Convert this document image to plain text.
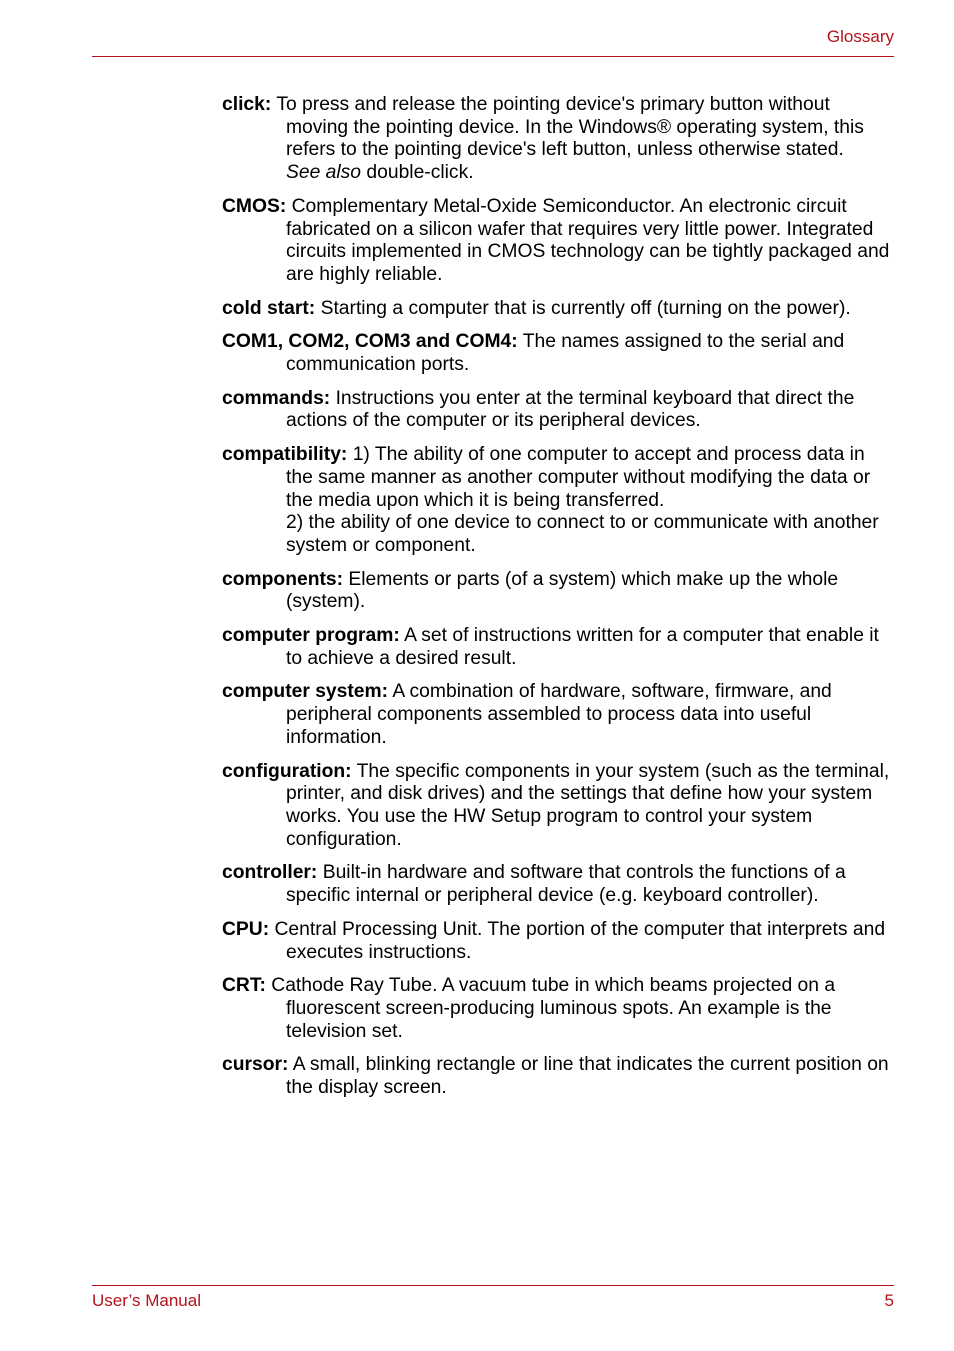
Glossary

click: To press and release the pointing device's primary button without moving the pointing device. In the Windows® operating system, this refers to the pointing device's left button, unless otherwise stated.
See also double-click.

CMOS: Complementary Metal-Oxide Semiconductor. An electronic circuit fabricated on a silicon wafer that requires very little power. Integrated circuits implemented in CMOS technology can be tightly packaged and are highly reliable.

cold start: Starting a computer that is currently off (turning on the power).

COM1, COM2, COM3 and COM4: The names assigned to the serial and communication ports.

commands: Instructions you enter at the terminal keyboard that direct the actions of the computer or its peripheral devices.

compatibility: 1) The ability of one computer to accept and process data in the same manner as another computer without modifying the data or the media upon which it is being transferred.
2) the ability of one device to connect to or communicate with another system or component.

components: Elements or parts (of a system) which make up the whole (system).

computer program: A set of instructions written for a computer that enable it to achieve a desired result.

computer system: A combination of hardware, software, firmware, and peripheral components assembled to process data into useful information.

configuration: The specific components in your system (such as the terminal, printer, and disk drives) and the settings that define how your system works. You use the HW Setup program to control your system configuration.

controller: Built-in hardware and software that controls the functions of a specific internal or peripheral device (e.g. keyboard controller).

CPU: Central Processing Unit. The portion of the computer that interprets and executes instructions.

CRT: Cathode Ray Tube. A vacuum tube in which beams projected on a fluorescent screen-producing luminous spots. An example is the television set.

cursor: A small, blinking rectangle or line that indicates the current position on the display screen.

User’s Manual	5
